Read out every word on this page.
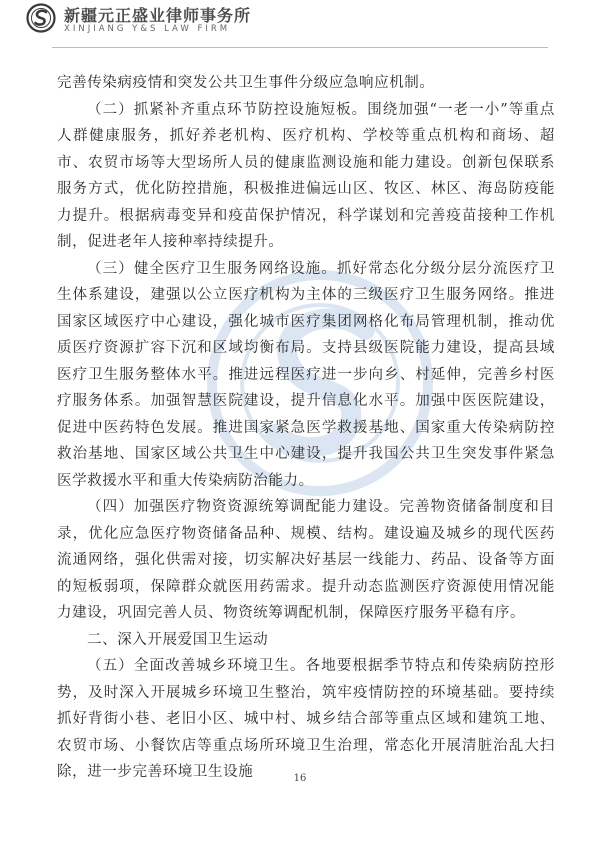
新疆元正盛业律师事务所
XINJIANG Y&S LAW FIRM

完善传染病疫情和突发公共卫生事件分级应急响应机制。

（二）抓紧补齐重点环节防控设施短板。围绕加强“一老一小”等重点人群健康服务，抓好养老机构、医疗机构、学校等重点机构和商场、超市、农贸市场等大型场所人员的健康监测设施和能力建设。创新包保联系服务方式，优化防控措施，积极推进偏远山区、牧区、林区、海岛防疫能力提升。根据病毒变异和疫苗保护情况，科学谋划和完善疫苗接种工作机制，促进老年人接种率持续提升。

（三）健全医疗卫生服务网络设施。抓好常态化分级分层分流医疗卫生体系建设，建强以公立医疗机构为主体的三级医疗卫生服务网络。推进国家区域医疗中心建设，强化城市医疗集团网格化布局管理机制，推动优质医疗资源扩容下沉和区域均衡布局。支持县级医院能力建设，提高县域医疗卫生服务整体水平。推进远程医疗进一步向乡、村延伸，完善乡村医疗服务体系。加强智慧医院建设，提升信息化水平。加强中医医院建设，促进中医药特色发展。推进国家紧急医学救援基地、国家重大传染病防控救治基地、国家区域公共卫生中心建设，提升我国公共卫生突发事件紧急医学救援水平和重大传染病防治能力。

（四）加强医疗物资资源统筹调配能力建设。完善物资储备制度和目录，优化应急医疗物资储备品种、规模、结构。建设遍及城乡的现代医药流通网络，强化供需对接，切实解决好基层一线能力、药品、设备等方面的短板弱项，保障群众就医用药需求。提升动态监测医疗资源使用情况能力建设，巩固完善人员、物资统筹调配机制，保障医疗服务平稳有序。

二、深入开展爱国卫生运动

（五）全面改善城乡环境卫生。各地要根据季节特点和传染病防控形势，及时深入开展城乡环境卫生整治，筑牢疫情防控的环境基础。要持续抓好背街小巷、老旧小区、城中村、城乡结合部等重点区域和建筑工地、农贸市场、小餐饮店等重点场所环境卫生治理，常态化开展清脏治乱大扫除，进一步完善环境卫生设施	16
